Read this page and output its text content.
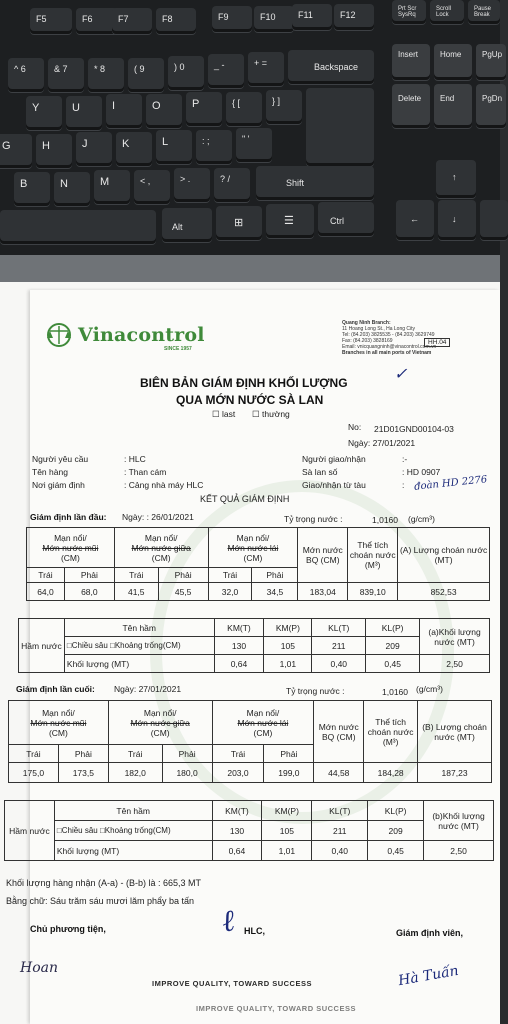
F5	F6	F7	F8	F9	F10 F11	F12
Prt Scr SysRq
Scroll Lock
Pause Break
^ 6	& 7	* 8	( 9	) 0	_ -	+ =	Backspace
Insert	Home	PgUp
Delete End	PgDn
Y	U	I	O	P	{ [	} ]
G	H	J	K	L	: ;	" '
B	N	M	< ,	> .	? /	Shift
↑
Alt	⊞	☰	Ctrl	←	↓
Vinacontrol
SINCE 1957
Quang Ninh Branch:
11 Hoang Long St., Ha Long City
Tel: (84.203) 3825535 - (84.203) 3629749
Fax: (84.203) 3828169
Email: vnicquangninh@vinacontrol.com.vn
Branches in all main ports of Vietnam
HH.04
✓
BIÊN BẢN GIÁM ĐỊNH KHỐI LƯỢNG
QUA MỚN NƯỚC SÀ LAN
☐ last ☐ thường
No: 21D01GND00104-03
Ngày: 27/01/2021
Người yêu cầu	: HLC
Tên hàng	: Than cám
Nơi giám định	: Cảng nhà máy HLC
Người giao/nhận	:-
Sà lan số	: HD 0907
Giao/nhận từ tàu	: đoàn HD 2276
KẾT QUẢ GIÁM ĐỊNH
Giám định lần đầu: Ngày: : 26/01/2021	Tỷ trọng nước :	1,0160 (g/cm³)
Mạn nổi/
Mớn nước mũi
(CM)		Mạn nổi/
Mớn nước giữa
(CM)		Mạn nổi/
Mớn nước lái
(CM)		Mớn nước BQ (CM)	Thể tích choán nước
(M³)	(A) Lượng choán nước (MT)
Trái	Phải	Trái	Phải	Trái	Phải			
64,0	68,0	41,5	45,5	32,0	34,5	183,04	839,10	852,53
Hầm nước	Tên hầm	KM(T)	KM(P)	KL(T)	KL(P)	(a)Khối lượng nước (MT)
	□Chiều sâu □Khoảng trống(CM)	130	105	211	209	
	Khối lượng (MT)	0,64	1,01	0,40	0,45	2,50
Giám định lần cuối: Ngày: 27/01/2021	Tỷ trọng nước :	1,0160 (g/cm³)
Mạn nổi/
Mớn nước mũi
(CM)		Mạn nổi/
Mớn nước giữa
(CM)		Mạn nổi/
Mớn nước lái
(CM)		Mớn nước BQ (CM)	Thể tích choán nước
(M³)	(B) Lượng choán nước (MT)
Trái	Phải	Trái	Phải	Trái	Phải			
175,0	173,5	182,0	180,0	203,0	199,0	44,58	184,28	187,23
Hầm nước	Tên hầm	KM(T)	KM(P)	KL(T)	KL(P)	(b)Khối lượng nước (MT)
	□Chiều sâu □Khoảng trống(CM)	130	105	211	209	
	Khối lượng (MT)	0,64	1,01	0,40	0,45	2,50
Khối lượng hàng nhận (A-a) - (B-b) là : 665,3 MT
Bằng chữ: Sáu trăm sáu mươi lăm phẩy ba tấn
Chủ phương tiện,	HLC,	Giám định viên,
ℓ
Hoan	Hà Tuấn
IMPROVE QUALITY, TOWARD SUCCESS
IMPROVE QUALITY, TOWARD SUCCESS
